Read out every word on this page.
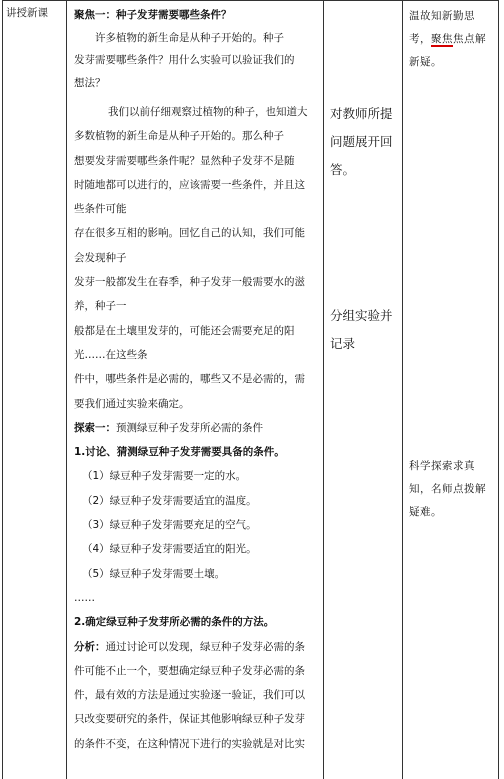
讲授新课 聚焦一：种子发芽需要哪些条件？

许多植物的新生命是从种子开始的。种子

发芽需要哪些条件？用什么实验可以验证我们的

想法？

我们以前仔细观察过植物的种子，也知道大

多数植物的新生命是从种子开始的。那么种子

想要发芽需要哪些条件呢？显然种子发芽不是随

时随地都可以进行的，应该需要一些条件，并且这

些条件可能

存在很多互相的影响。回忆自己的认知，我们可能

会发现种子

发芽一般都发生在春季，种子发芽一般需要水的滋

养，种子一

般都是在土壤里发芽的，可能还会需要充足的阳

光……在这些条

件中，哪些条件是必需的，哪些又不是必需的，需

要我们通过实验来确定。

探索一：预测绿豆种子发芽所必需的条件

1.讨论、猜测绿豆种子发芽需要具备的条件。

（1）绿豆种子发芽需要一定的水。

（2）绿豆种子发芽需要适宜的温度。

（3）绿豆种子发芽需要充足的空气。

（4）绿豆种子发芽需要适宜的阳光。

（5）绿豆种子发芽需要土壤。

……

2.确定绿豆种子发芽所必需的条件的方法。

分析：通过讨论可以发现，绿豆种子发芽必需的条

件可能不止一个，要想确定绿豆种子发芽必需的条

件，最有效的方法是通过实验逐一验证，我们可以

只改变要研究的条件，保证其他影响绿豆种子发芽

的条件不变，在这种情况下进行的实验就是对比实

对教师所提

问题展开回

答。

分组实验并

记录

温故知新勤思

考，聚焦焦点解

新疑。

科学探索求真

知，名师点拨解

疑难。
